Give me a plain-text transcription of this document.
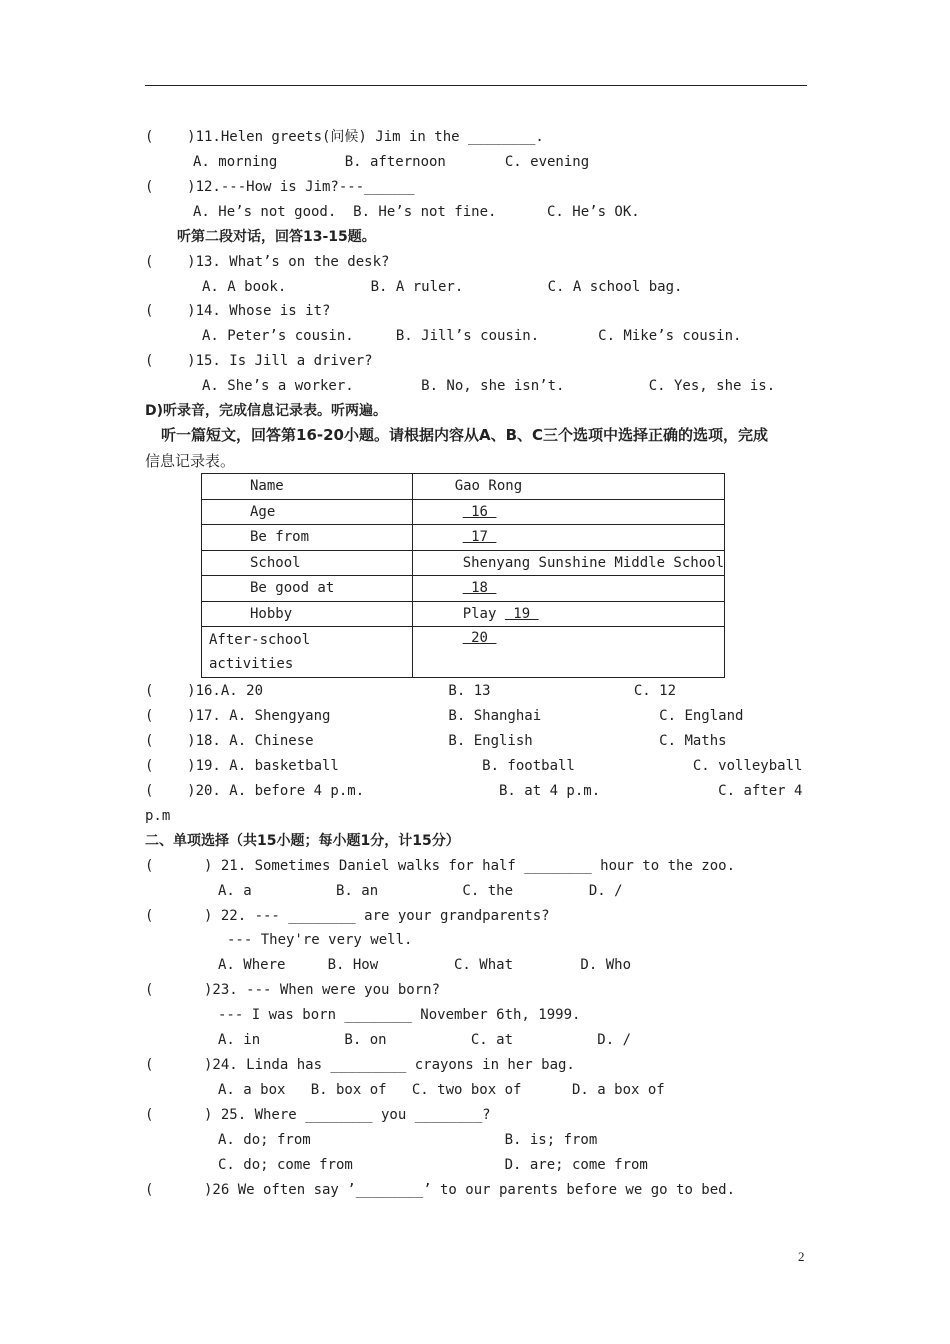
(    )11.Helen greets(问候) Jim in the ________.
A. morning        B. afternoon       C. evening
(    )12.---How is Jim?---______
A. He’s not good.  B. He’s not fine.      C. He’s OK.
听第二段对话，回答13-15题。
(    )13. What’s on the desk?
A. A book.          B. A ruler.          C. A school bag.
(    )14. Whose is it?
A. Peter’s cousin.     B. Jill’s cousin.       C. Mike’s cousin.
(    )15. Is Jill a driver?
A. She’s a worker.        B. No, she isn’t.          C. Yes, she is.
D)听录音，完成信息记录表。听两遍。
听一篇短文，回答第16-20小题。请根据内容从A、B、C三个选项中选择正确的选项，完成
信息记录表。
Name	Gao Rong
Age	16
Be from	17
School	Shenyang Sunshine Middle School
Be good at	18
Hobby	Play  19
After-school
activities	20
(    )16.A. 20                      B. 13                 C. 12
(    )17. A. Shengyang              B. Shanghai              C. England
(    )18. A. Chinese                B. English               C. Maths
(    )19. A. basketball                 B. football              C. volleyball
(    )20. A. before 4 p.m.                B. at 4 p.m.              C. after 4
p.m
二、单项选择（共15小题；每小题1分，计15分）
(      ) 21. Sometimes Daniel walks for half ________ hour to the zoo.
A. a          B. an          C. the         D. /
(      ) 22. --- ________ are your grandparents?
--- They're very well.
A. Where     B. How         C. What        D. Who
(      )23. --- When were you born?
--- I was born ________ November 6th, 1999.
A. in          B. on          C. at          D. /
(      )24. Linda has _________ crayons in her bag.
A. a box   B. box of   C. two box of      D. a box of
(      ) 25. Where ________ you ________?
A. do; from                       B. is; from
C. do; come from                  D. are; come from
(      )26 We often say ’________’ to our parents before we go to bed.
2
